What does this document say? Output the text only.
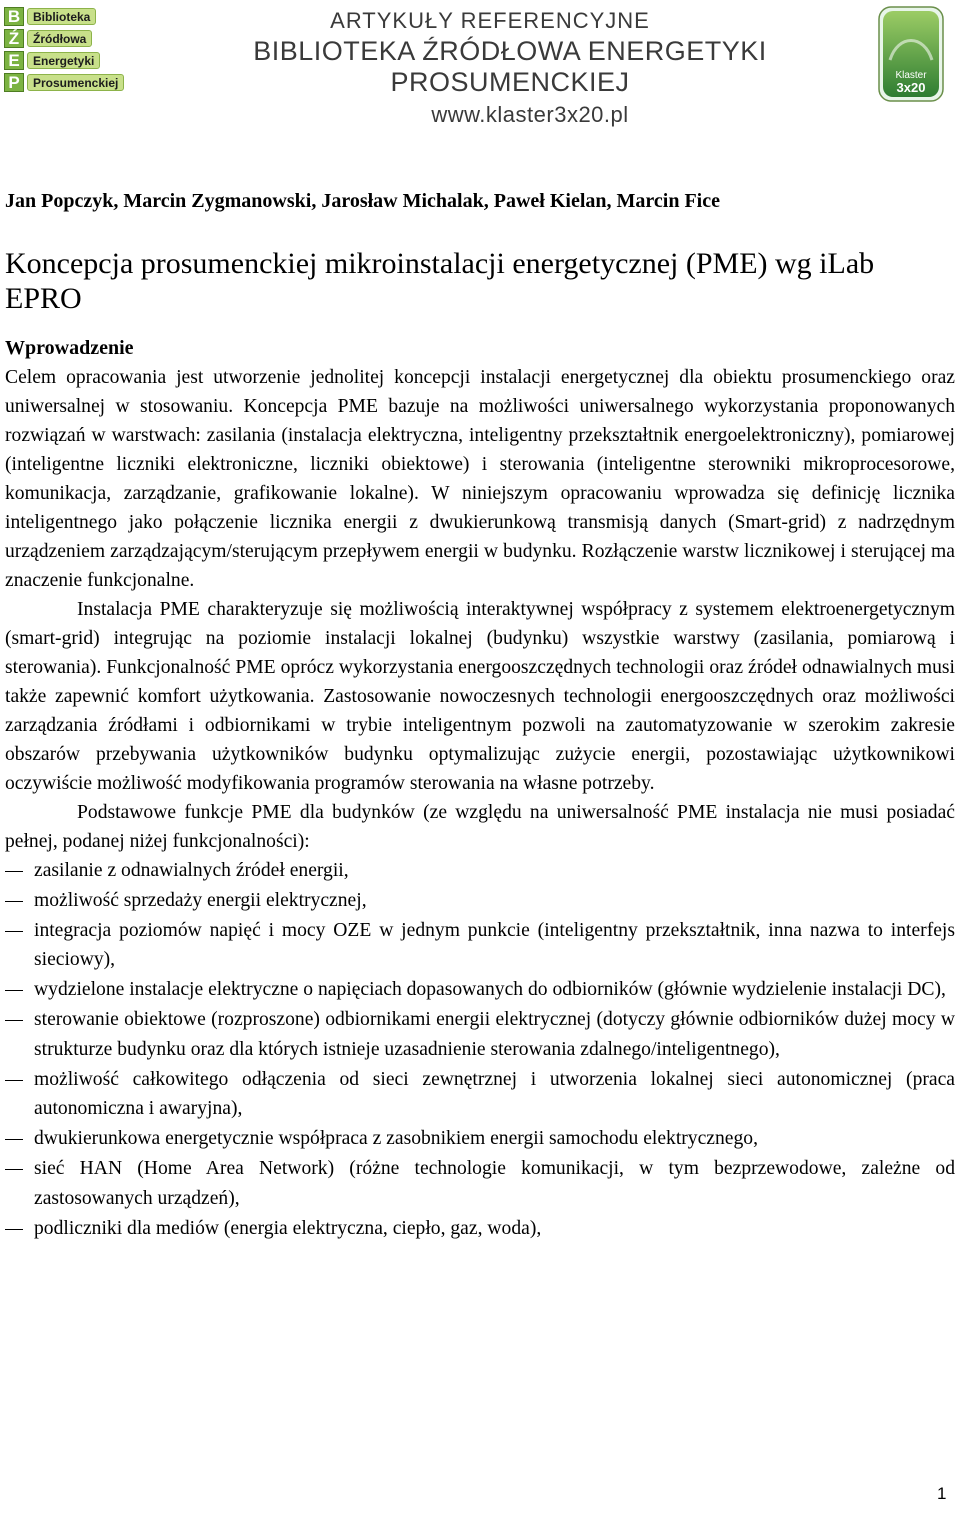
B	Biblioteka
Ź	Źródłowa
E	Energetyki
P	Prosumenckiej
ARTYKUŁY REFERENCYJNE
BIBLIOTEKA ŹRÓDŁOWA ENERGETYKI PROSUMENCKIEJ
www.klaster3x20.pl
Klaster
3x20

Jan Popczyk, Marcin Zygmanowski, Jarosław Michalak, Paweł Kielan, Marcin Fice

Koncepcja prosumenckiej mikroinstalacji energetycznej (PME) wg iLab EPRO

Wprowadzenie

Celem opracowania jest utworzenie jednolitej koncepcji instalacji energetycznej dla obiektu prosumenckiego oraz uniwersalnej w stosowaniu. Koncepcja PME bazuje na możliwości uniwersalnego wykorzystania proponowanych rozwiązań w warstwach: zasilania (instalacja elektryczna, inteligentny przekształtnik energoelektroniczny), pomiarowej (inteligentne liczniki elektroniczne, liczniki obiektowe) i sterowania (inteligentne sterowniki mikroprocesorowe, komunikacja, zarządzanie, grafikowanie lokalne). W niniejszym opracowaniu wprowadza się definicję licznika inteligentnego jako połączenie licznika energii z dwukierunkową transmisją danych (Smart-grid) z nadrzędnym urządzeniem zarządzającym/sterującym przepływem energii w budynku. Rozłączenie warstw licznikowej i sterującej ma znaczenie funkcjonalne.

Instalacja PME charakteryzuje się możliwością interaktywnej współpracy z systemem elektroenergetycznym (smart-grid) integrując na poziomie instalacji lokalnej (budynku) wszystkie warstwy (zasilania, pomiarową i sterowania). Funkcjonalność PME oprócz wykorzystania energooszczędnych technologii oraz źródeł odnawialnych musi także zapewnić komfort użytkowania. Zastosowanie nowoczesnych technologii energooszczędnych oraz możliwości zarządzania źródłami i odbiornikami w trybie inteligentnym pozwoli na zautomatyzowanie w szerokim zakresie obszarów przebywania użytkowników budynku optymalizując zużycie energii, pozostawiając użytkownikowi oczywiście możliwość modyfikowania programów sterowania na własne potrzeby.

Podstawowe funkcje PME dla budynków (ze względu na uniwersalność PME instalacja nie musi posiadać pełnej, podanej niżej funkcjonalności):

zasilanie z odnawialnych źródeł energii,
możliwość sprzedaży energii elektrycznej,
integracja poziomów napięć i mocy OZE w jednym punkcie (inteligentny przekształtnik, inna nazwa to interfejs sieciowy),
wydzielone instalacje elektryczne o napięciach dopasowanych do odbiorników (głównie wydzielenie instalacji DC),
sterowanie obiektowe (rozproszone) odbiornikami energii elektrycznej (dotyczy głównie odbiorników dużej mocy w strukturze budynku oraz dla których istnieje uzasadnienie sterowania zdalnego/inteligentnego),
możliwość całkowitego odłączenia od sieci zewnętrznej i utworzenia lokalnej sieci autonomicznej (praca autonomiczna i awaryjna),
dwukierunkowa energetycznie współpraca z zasobnikiem energii samochodu elektrycznego,
sieć HAN (Home Area Network) (różne technologie komunikacji, w tym bezprzewodowe, zależne od zastosowanych urządzeń),
podliczniki dla mediów (energia elektryczna, ciepło, gaz, woda),
1
